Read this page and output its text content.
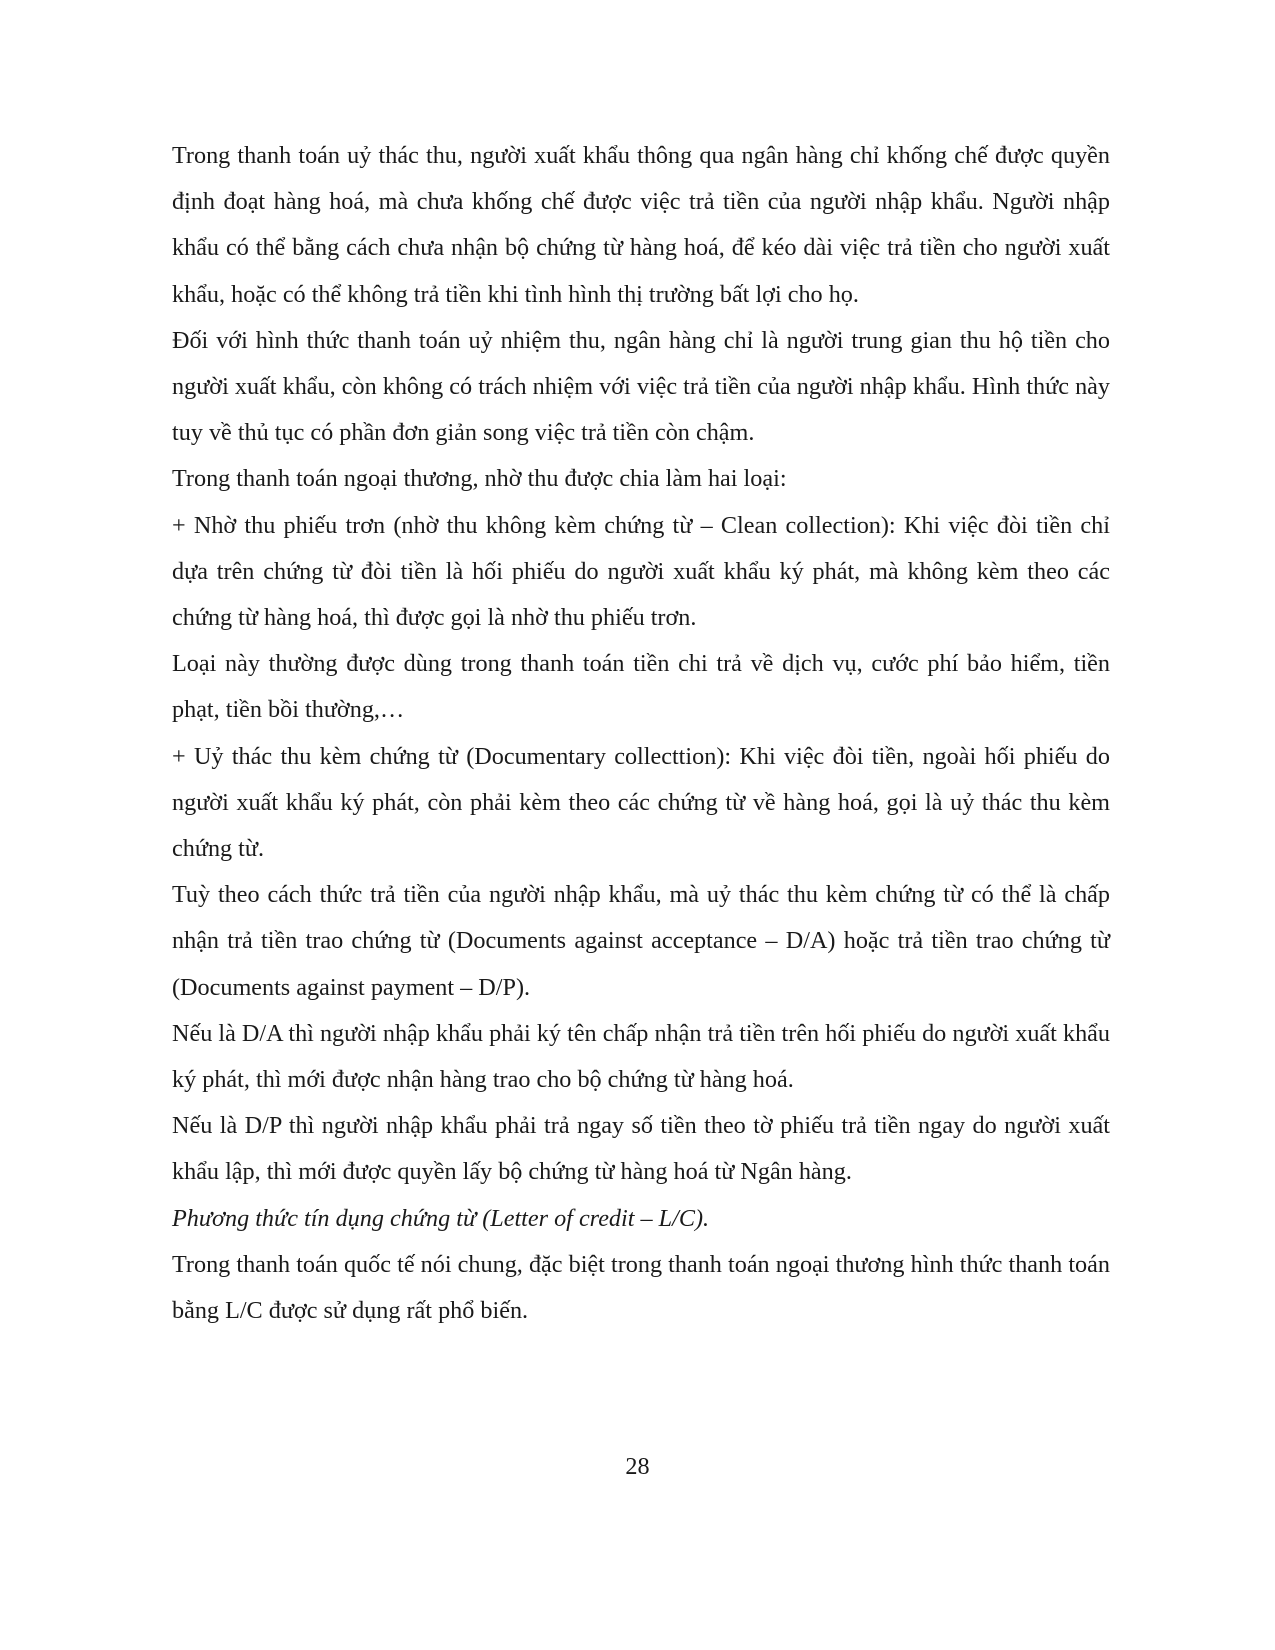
Trong thanh toán uỷ thác thu, người xuất khẩu thông qua ngân hàng chỉ khống chế được quyền định đoạt hàng hoá, mà chưa khống chế được việc trả tiền của người nhập khẩu. Người nhập khẩu có thể bằng cách chưa nhận bộ chứng từ hàng hoá, để kéo dài việc trả tiền cho người xuất khẩu, hoặc có thể không trả tiền khi tình hình thị trường bất lợi cho họ.

Đối với hình thức thanh toán uỷ nhiệm thu, ngân hàng chỉ là người trung gian thu hộ tiền cho người xuất khẩu, còn không có trách nhiệm với việc trả tiền của người nhập khẩu. Hình thức này tuy về thủ tục có phần đơn giản song việc trả tiền còn chậm.

Trong thanh toán ngoại thương, nhờ thu được chia làm hai loại:

+ Nhờ thu phiếu trơn (nhờ thu không kèm chứng từ – Clean collection): Khi việc đòi tiền chỉ dựa trên chứng từ đòi tiền là hối phiếu do người xuất khẩu ký phát, mà không kèm theo các chứng từ hàng hoá, thì được gọi là nhờ thu phiếu trơn.

Loại này thường được dùng trong thanh toán tiền chi trả về dịch vụ, cước phí bảo hiểm, tiền phạt, tiền bồi thường,…

+ Uỷ thác thu kèm chứng từ (Documentary collecttion): Khi việc đòi tiền, ngoài hối phiếu do người xuất khẩu ký phát, còn phải kèm theo các chứng từ về hàng hoá, gọi là uỷ thác thu kèm chứng từ.

Tuỳ theo cách thức trả tiền của người nhập khẩu, mà uỷ thác thu kèm chứng từ có thể là chấp nhận trả tiền trao chứng từ (Documents against acceptance – D/A) hoặc trả tiền trao chứng từ (Documents against payment – D/P).

Nếu là D/A thì người nhập khẩu phải ký tên chấp nhận trả tiền trên hối phiếu do người xuất khẩu ký phát, thì mới được nhận hàng trao cho bộ chứng từ hàng hoá.

Nếu là D/P thì người nhập khẩu phải trả ngay số tiền theo tờ phiếu trả tiền ngay do người xuất khẩu lập, thì mới được quyền lấy bộ chứng từ hàng hoá từ Ngân hàng.

Phương thức tín dụng chứng từ (Letter of credit – L/C).

Trong thanh toán quốc tế nói chung, đặc biệt trong thanh toán ngoại thương hình thức thanh toán bằng L/C được sử dụng rất phổ biến.

28
